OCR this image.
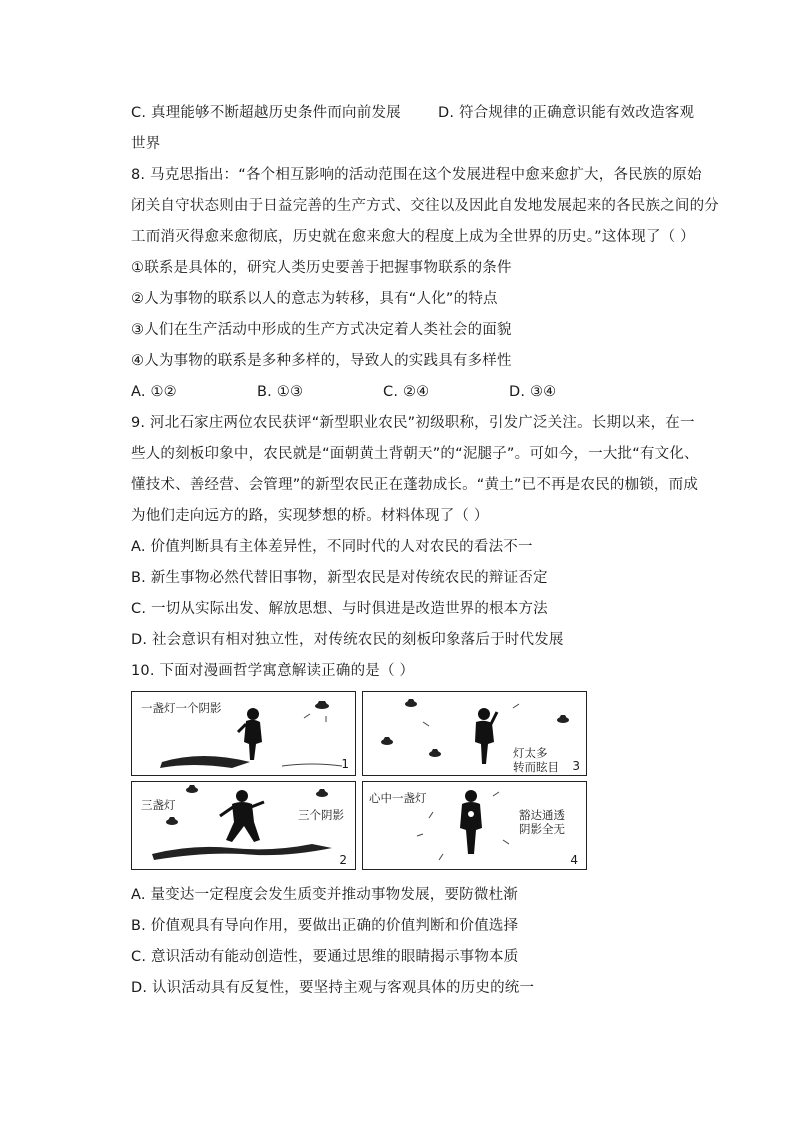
C. 真理能够不断超越历史条件而向前发展	D. 符合规律的正确意识能有效改造客观
世界
8. 马克思指出：“各个相互影响的活动范围在这个发展进程中愈来愈扩大，各民族的原始
闭关自守状态则由于日益完善的生产方式、交往以及因此自发地发展起来的各民族之间的分
工而消灭得愈来愈彻底，历史就在愈来愈大的程度上成为全世界的历史。”这体现了（ ）
①联系是具体的，研究人类历史要善于把握事物联系的条件
②人为事物的联系以人的意志为转移，具有“人化”的特点
③人们在生产活动中形成的生产方式决定着人类社会的面貌
④人为事物的联系是多种多样的，导致人的实践具有多样性
A. ①②	B. ①③	C. ②④	D. ③④
9. 河北石家庄两位农民获评“新型职业农民”初级职称，引发广泛关注。长期以来，在一
些人的刻板印象中，农民就是“面朝黄土背朝天”的“泥腿子”。可如今，一大批“有文化、
懂技术、善经营、会管理”的新型农民正在蓬勃成长。“黄土”已不再是农民的枷锁，而成
为他们走向远方的路，实现梦想的桥。材料体现了（ ）
A. 价值判断具有主体差异性，不同时代的人对农民的看法不一
B. 新生事物必然代替旧事物，新型农民是对传统农民的辩证否定
C. 一切从实际出发、解放思想、与时俱进是改造世界的根本方法
D. 社会意识有相对独立性，对传统农民的刻板印象落后于时代发展
10. 下面对漫画哲学寓意解读正确的是（ ）
一盏灯一个阴影
1
灯太多
转而眩目 3
三盏灯
三个阴影
2
心中一盏灯
豁达通透
阴影全无
4
A. 量变达一定程度会发生质变并推动事物发展，要防微杜渐
B. 价值观具有导向作用，要做出正确的价值判断和价值选择
C. 意识活动有能动创造性，要通过思维的眼睛揭示事物本质
D. 认识活动具有反复性，要坚持主观与客观具体的历史的统一
